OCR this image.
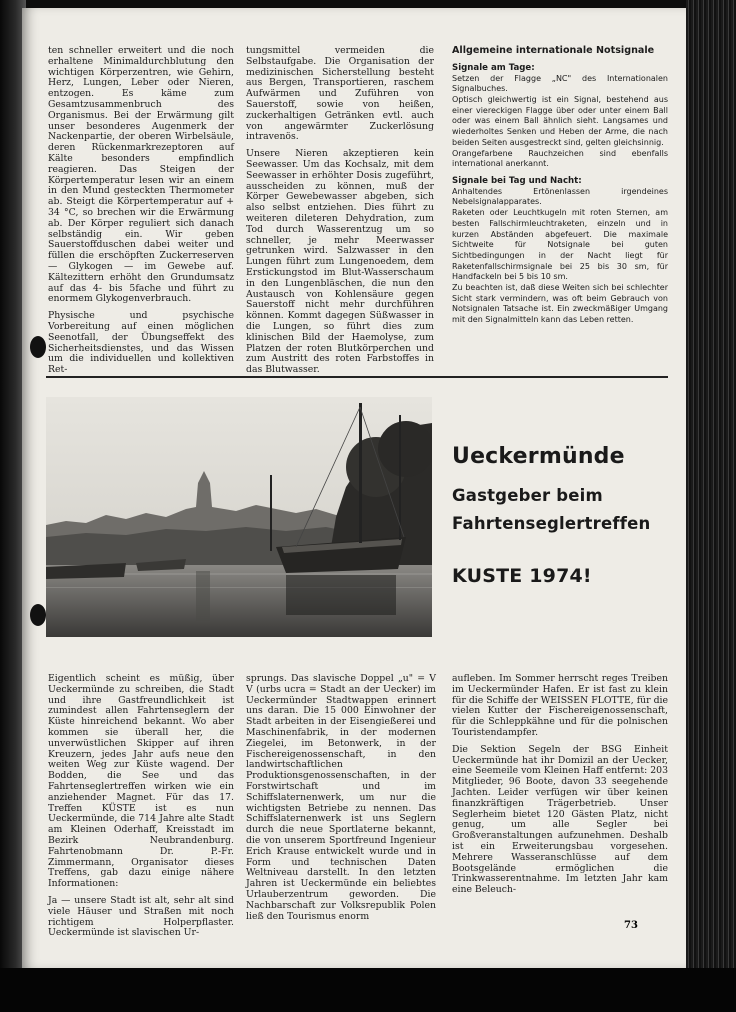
ten schneller erweitert und die noch erhaltene Minimaldurchblutung den wichtigen Körperzentren, wie Gehirn, Herz, Lungen, Leber oder Nieren, entzogen. Es käme zum Gesamtzusammenbruch des Organismus. Bei der Erwärmung gilt unser besonderes Augenmerk der Nackenpartie, der oberen Wirbelsäule, deren Rückenmarkrezeptoren auf Kälte besonders empfindlich reagieren. Das Steigen der Körpertemperatur lesen wir an einem in den Mund gesteckten Thermometer ab. Steigt die Körpertemperatur auf + 34 °C, so brechen wir die Erwärmung ab. Der Körper reguliert sich danach selbständig ein. Wir geben Sauerstoffduschen dabei weiter und füllen die erschöpften Zuckerreserven — Glykogen — im Gewebe auf. Kältezittern erhöht den Grundumsatz auf das 4- bis 5fache und führt zu enormem Glykogenverbrauch.

Physische und psychische Vorbereitung auf einen möglichen Seenotfall, der Übungseffekt des Sicherheitsdienstes, und das Wissen um die individuellen und kollektiven Ret-

tungsmittel vermeiden die Selbstaufgabe. Die Organisation der medizinischen Sicherstellung besteht aus Bergen, Transportieren, raschem Aufwärmen und Zuführen von Sauerstoff, sowie von heißen, zuckerhaltigen Getränken evtl. auch von angewärmter Zuckerlösung intravenös.

Unsere Nieren akzeptieren kein Seewasser. Um das Kochsalz, mit dem Seewasser in erhöhter Dosis zugeführt, ausscheiden zu können, muß der Körper Gewebewasser abgeben, sich also selbst entziehen. Dies führt zu weiteren dileteren Dehydration, zum Tod durch Wasserentzug um so schneller, je mehr Meerwasser getrunken wird. Salzwasser in den Lungen führt zum Lungenoedem, dem Erstickungstod im Blut-Wasserschaum in den Lungenbläschen, die nun den Austausch von Kohlensäure gegen Sauerstoff nicht mehr durchführen können. Kommt dagegen Süßwasser in die Lungen, so führt dies zum klinischen Bild der Haemolyse, zum Platzen der roten Blutkörperchen und zum Austritt des roten Farbstoffes in das Blutwasser.

Allgemeine internationale Notsignale
Signale am Tage:
Setzen der Flagge „NC" des Internationalen Signalbuches.
Optisch gleichwertig ist ein Signal, bestehend aus einer viereckigen Flagge über oder unter einem Ball oder was einem Ball ähnlich sieht. Langsames und wiederholtes Senken und Heben der Arme, die nach beiden Seiten ausgestreckt sind, gelten gleichsinnig.
Orangefarbene Rauchzeichen sind ebenfalls international anerkannt.
Signale bei Tag und Nacht:
Anhaltendes Ertönenlassen irgendeines Nebelsignalapparates.
Raketen oder Leuchtkugeln mit roten Sternen, am besten Fallschirmleuchtraketen, einzeln und in kurzen Abständen abgefeuert. Die maximale Sichtweite für Notsignale bei guten Sichtbedingungen in der Nacht liegt für Raketenfallschirmsignale bei 25 bis 30 sm, für Handfackeln bei 5 bis 10 sm.
Zu beachten ist, daß diese Weiten sich bei schlechter Sicht stark vermindern, was oft beim Gebrauch von Notsignalen Tatsache ist. Ein zweckmäßiger Umgang mit den Signalmitteln kann das Leben retten.
Ueckermünde
Gastgeber beim
Fahrtenseglertreffen
KUSTE 1974!

Eigentlich scheint es müßig, über Ueckermünde zu schreiben, die Stadt und ihre Gastfreundlichkeit ist zumindest allen Fahrtenseglern der Küste hinreichend bekannt. Wo aber kommen sie überall her, die unverwüstlichen Skipper auf ihren Kreuzern, jedes Jahr aufs neue den weiten Weg zur Küste wagend. Der Bodden, die See und das Fahrtenseglertreffen wirken wie ein anziehender Magnet. Für das 17. Treffen KÜSTE ist es nun Ueckermünde, die 714 Jahre alte Stadt am Kleinen Oderhaff, Kreisstadt im Bezirk Neubrandenburg. Fahrtenobmann Dr. P.-Fr. Zimmermann, Organisator dieses Treffens, gab dazu einige nähere Informationen:

Ja — unsere Stadt ist alt, sehr alt sind viele Häuser und Straßen mit noch richtigem Holperpflaster. Ueckermünde ist slavischen Ur-

sprungs. Das slavische Doppel „u" = V V (urbs ucra = Stadt an der Uecker) im Ueckermünder Stadtwappen erinnert uns daran. Die 15 000 Einwohner der Stadt arbeiten in der Eisengießerei und Maschinenfabrik, in der modernen Ziegelei, im Betonwerk, in der Fischereigenossenschaft, in den landwirtschaftlichen Produktionsgenossenschaften, in der Forstwirtschaft und im Schiffslaternenwerk, um nur die wichtigsten Betriebe zu nennen. Das Schiffslaternenwerk ist uns Seglern durch die neue Sportlaterne bekannt, die von unserem Sportfreund Ingenieur Erich Krause entwickelt wurde und in Form und technischen Daten Weltniveau darstellt. In den letzten Jahren ist Ueckermünde ein beliebtes Urlauberzentrum geworden. Die Nachbarschaft zur Volksrepublik Polen ließ den Tourismus enorm

aufleben. Im Sommer herrscht reges Treiben im Ueckermünder Hafen. Er ist fast zu klein für die Schiffe der WEISSEN FLOTTE, für die vielen Kutter der Fischereigenossenschaft, für die Schleppkähne und für die polnischen Touristendampfer.

Die Sektion Segeln der BSG Einheit Ueckermünde hat ihr Domizil an der Uecker, eine Seemeile vom Kleinen Haff entfernt: 203 Mitglieder, 96 Boote, davon 33 seegehende Jachten. Leider verfügen wir über keinen finanzkräftigen Trägerbetrieb. Unser Seglerheim bietet 120 Gästen Platz, nicht genug, um alle Segler bei Großveranstaltungen aufzunehmen. Deshalb ist ein Erweiterungsbau vorgesehen. Mehrere Wasseranschlüsse auf dem Bootsgelände ermöglichen die Trinkwasserentnahme. Im letzten Jahr kam eine Beleuch-

73
